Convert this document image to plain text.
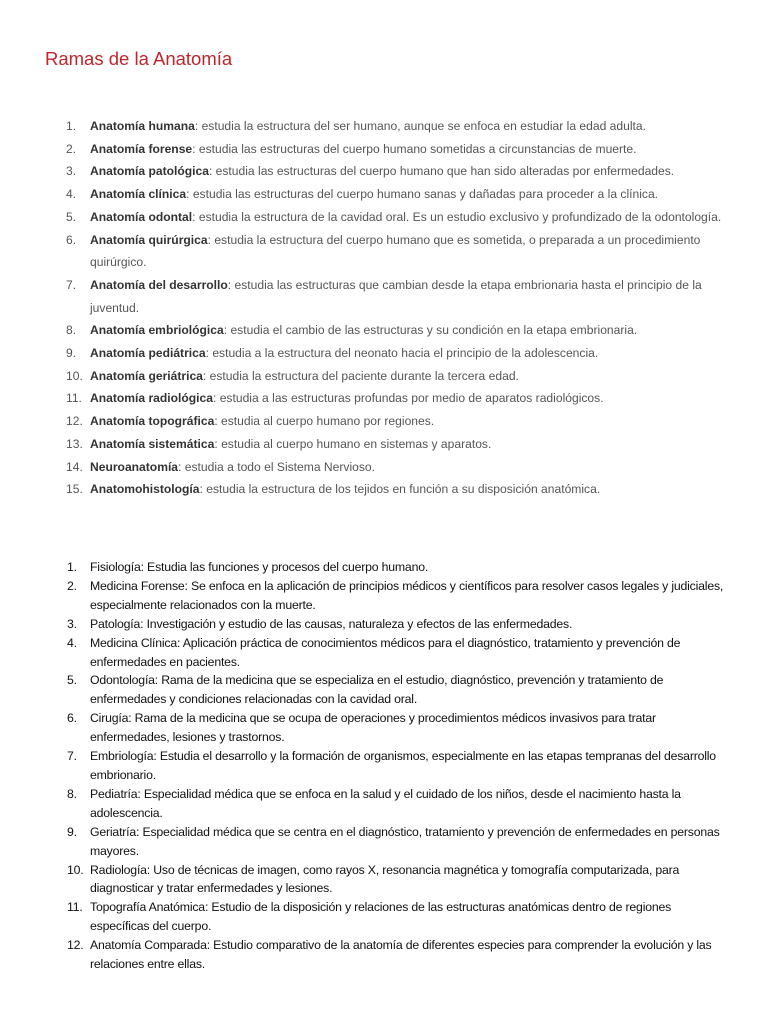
Ramas de la Anatomía
1. Anatomía humana: estudia la estructura del ser humano, aunque se enfoca en estudiar la edad adulta.
2. Anatomía forense: estudia las estructuras del cuerpo humano sometidas a circunstancias de muerte.
3. Anatomía patológica: estudia las estructuras del cuerpo humano que han sido alteradas por enfermedades.
4. Anatomía clínica: estudia las estructuras del cuerpo humano sanas y dañadas para proceder a la clínica.
5. Anatomía odontal: estudia la estructura de la cavidad oral. Es un estudio exclusivo y profundizado de la odontología.
6. Anatomía quirúrgica: estudia la estructura del cuerpo humano que es sometida, o preparada a un procedimiento quirúrgico.
7. Anatomía del desarrollo: estudia las estructuras que cambian desde la etapa embrionaria hasta el principio de la juventud.
8. Anatomía embriológica: estudia el cambio de las estructuras y su condición en la etapa embrionaria.
9. Anatomía pediátrica: estudia a la estructura del neonato hacia el principio de la adolescencia.
10. Anatomía geriátrica: estudia la estructura del paciente durante la tercera edad.
11. Anatomía radiológica: estudia a las estructuras profundas por medio de aparatos radiológicos.
12. Anatomía topográfica: estudia al cuerpo humano por regiones.
13. Anatomía sistemática: estudia al cuerpo humano en sistemas y aparatos.
14. Neuroanatomía: estudia a todo el Sistema Nervioso.
15. Anatomohistología: estudia la estructura de los tejidos en función a su disposición anatómica.
1. Fisiología: Estudia las funciones y procesos del cuerpo humano.
2. Medicina Forense: Se enfoca en la aplicación de principios médicos y científicos para resolver casos legales y judiciales, especialmente relacionados con la muerte.
3. Patología: Investigación y estudio de las causas, naturaleza y efectos de las enfermedades.
4. Medicina Clínica: Aplicación práctica de conocimientos médicos para el diagnóstico, tratamiento y prevención de enfermedades en pacientes.
5. Odontología: Rama de la medicina que se especializa en el estudio, diagnóstico, prevención y tratamiento de enfermedades y condiciones relacionadas con la cavidad oral.
6. Cirugía: Rama de la medicina que se ocupa de operaciones y procedimientos médicos invasivos para tratar enfermedades, lesiones y trastornos.
7. Embriología: Estudia el desarrollo y la formación de organismos, especialmente en las etapas tempranas del desarrollo embrionario.
8. Pediatría: Especialidad médica que se enfoca en la salud y el cuidado de los niños, desde el nacimiento hasta la adolescencia.
9. Geriatría: Especialidad médica que se centra en el diagnóstico, tratamiento y prevención de enfermedades en personas mayores.
10. Radiología: Uso de técnicas de imagen, como rayos X, resonancia magnética y tomografía computarizada, para diagnosticar y tratar enfermedades y lesiones.
11. Topografía Anatómica: Estudio de la disposición y relaciones de las estructuras anatómicas dentro de regiones específicas del cuerpo.
12. Anatomía Comparada: Estudio comparativo de la anatomía de diferentes especies para comprender la evolución y las relaciones entre ellas.
